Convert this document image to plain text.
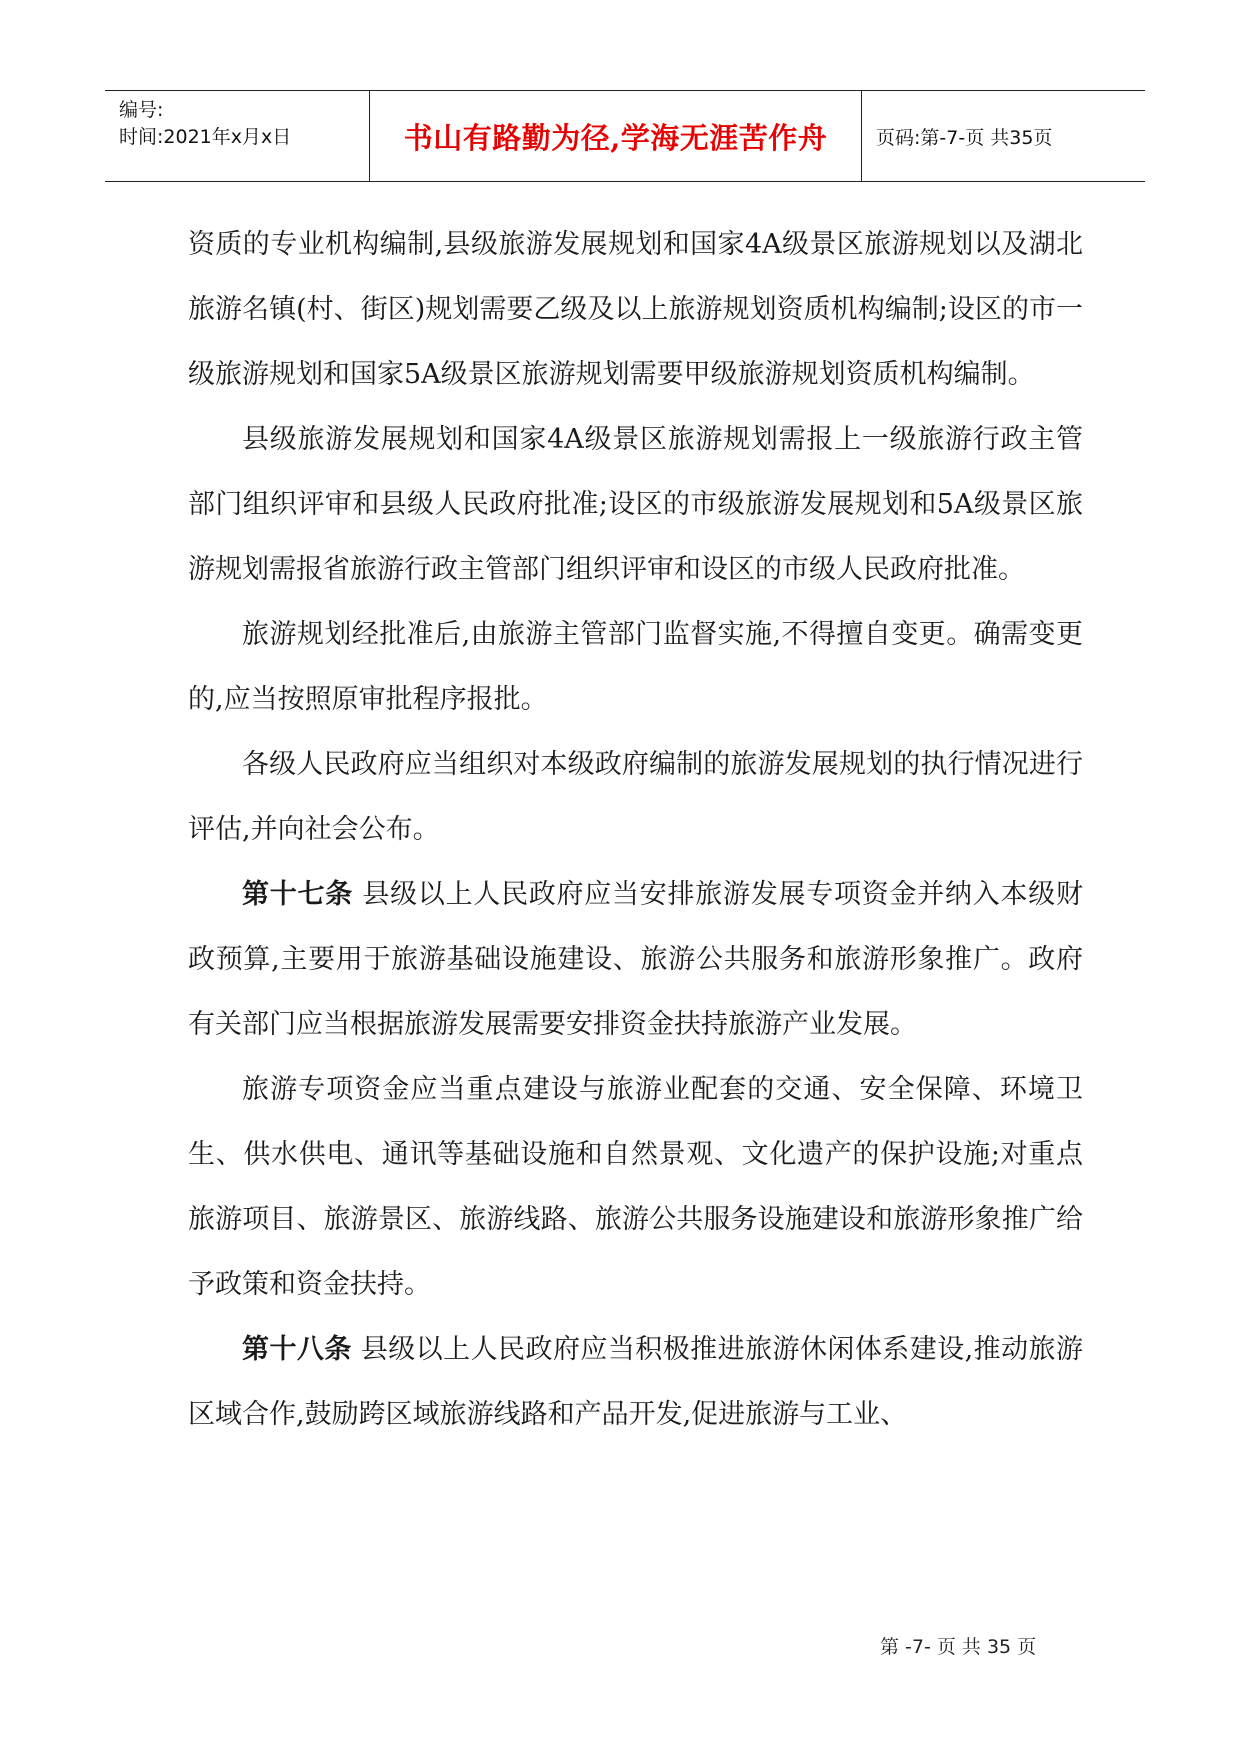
编号:
时间:2021年x月x日	书山有路勤为径,学海无涯苦作舟	页码:第-7-页 共35页

资质的专业机构编制,县级旅游发展规划和国家4A级景区旅游规划以及湖北旅游名镇(村、街区)规划需要乙级及以上旅游规划资质机构编制;设区的市一级旅游规划和国家5A级景区旅游规划需要甲级旅游规划资质机构编制。

县级旅游发展规划和国家4A级景区旅游规划需报上一级旅游行政主管部门组织评审和县级人民政府批准;设区的市级旅游发展规划和5A级景区旅游规划需报省旅游行政主管部门组织评审和设区的市级人民政府批准。

旅游规划经批准后,由旅游主管部门监督实施,不得擅自变更。确需变更的,应当按照原审批程序报批。

各级人民政府应当组织对本级政府编制的旅游发展规划的执行情况进行评估,并向社会公布。

第十七条 县级以上人民政府应当安排旅游发展专项资金并纳入本级财政预算,主要用于旅游基础设施建设、旅游公共服务和旅游形象推广。政府有关部门应当根据旅游发展需要安排资金扶持旅游产业发展。

旅游专项资金应当重点建设与旅游业配套的交通、安全保障、环境卫生、供水供电、通讯等基础设施和自然景观、文化遗产的保护设施;对重点旅游项目、旅游景区、旅游线路、旅游公共服务设施建设和旅游形象推广给予政策和资金扶持。

第十八条 县级以上人民政府应当积极推进旅游休闲体系建设,推动旅游区域合作,鼓励跨区域旅游线路和产品开发,促进旅游与工业、

第 -7- 页 共 35 页
